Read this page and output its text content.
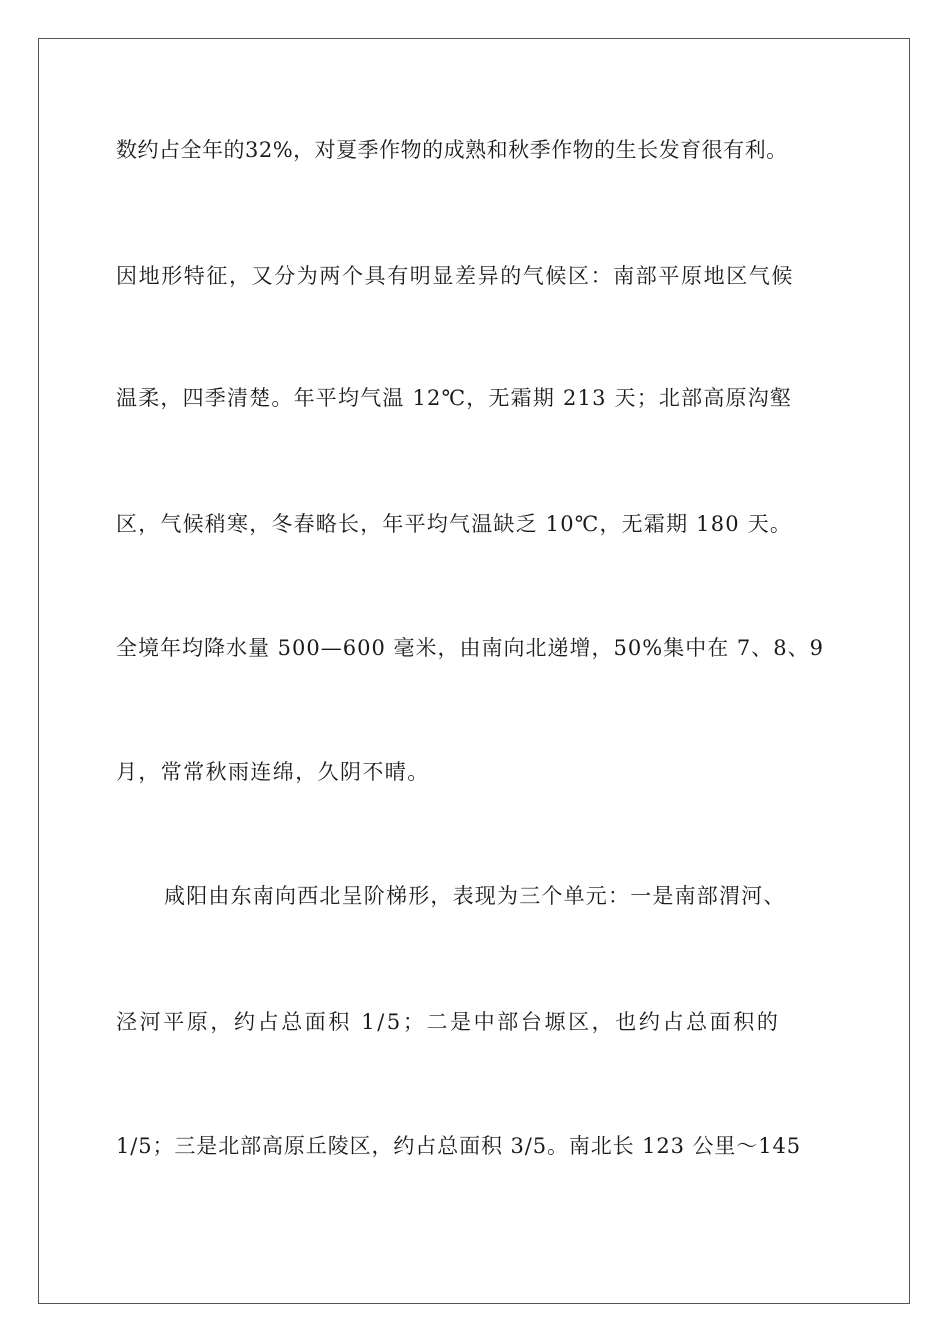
数约占全年的32%，对夏季作物的成熟和秋季作物的生长发育很有利。
因地形特征，又分为两个具有明显差异的气候区：南部平原地区气候
温柔，四季清楚。年平均气温 12℃，无霜期 213 天；北部高原沟壑
区，气候稍寒，冬春略长，年平均气温缺乏 10℃，无霜期 180 天。
全境年均降水量 500—600 毫米，由南向北递增，50%集中在 7、8、9
月，常常秋雨连绵，久阴不晴。
咸阳由东南向西北呈阶梯形，表现为三个单元：一是南部渭河、
泾河平原，约占总面积 1/5；二是中部台塬区，也约占总面积的
1/5；三是北部高原丘陵区，约占总面积 3/5。南北长 123 公里～145
